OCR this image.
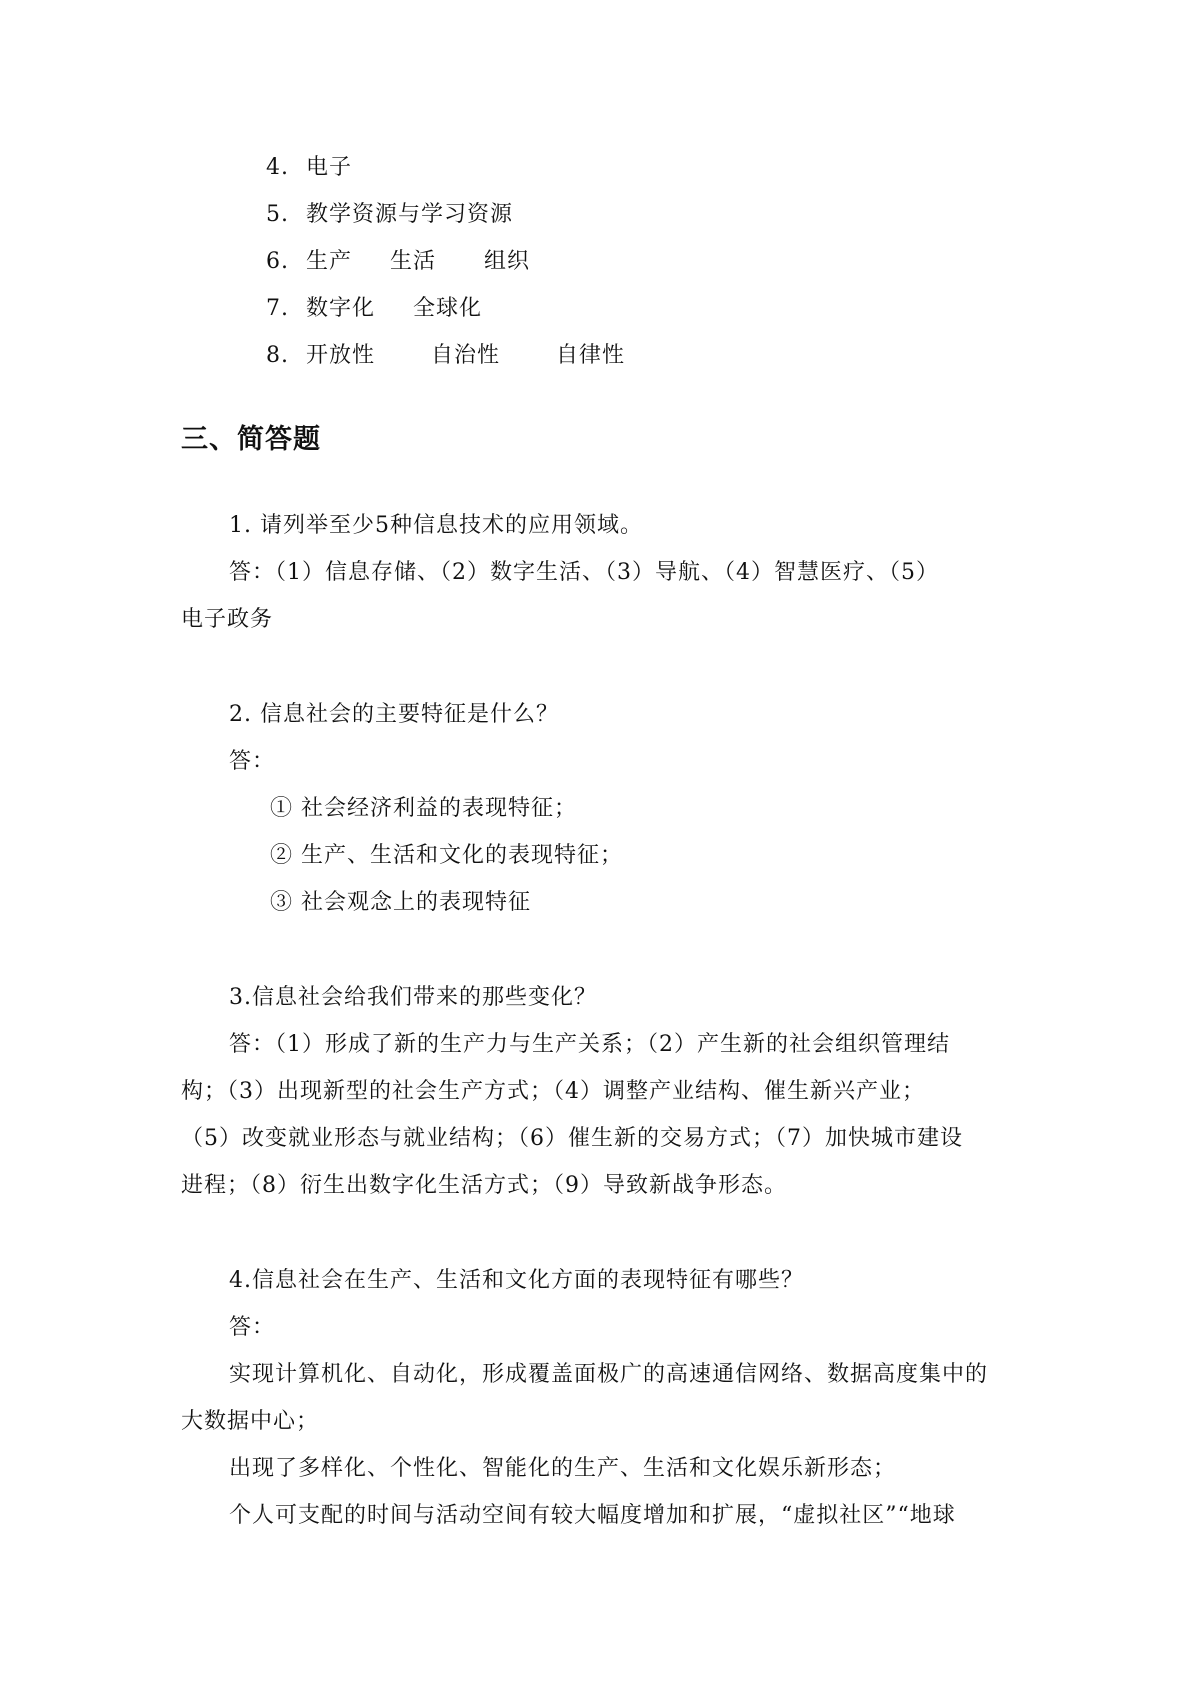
4. 电子
5. 教学资源与学习资源
6. 生产 生活 组织
7. 数字化 全球化
8. 开放性	自治性	自律性
三、简答题
1. 请列举至少5种信息技术的应用领域。
答：（1）信息存储、（2）数字生活、（3）导航、（4）智慧医疗、（5）
电子政务
2. 信息社会的主要特征是什么？
答：
① 社会经济利益的表现特征；
② 生产、生活和文化的表现特征；
③ 社会观念上的表现特征
3.信息社会给我们带来的那些变化？
答：（1）形成了新的生产力与生产关系；（2）产生新的社会组织管理结
构；（3）出现新型的社会生产方式；（4）调整产业结构、催生新兴产业；
（5）改变就业形态与就业结构；（6）催生新的交易方式；（7）加快城市建设
进程；（8）衍生出数字化生活方式；（9）导致新战争形态。
4.信息社会在生产、生活和文化方面的表现特征有哪些？
答：
实现计算机化、自动化，形成覆盖面极广的高速通信网络、数据高度集中的
大数据中心；
出现了多样化、个性化、智能化的生产、生活和文化娱乐新形态；
个人可支配的时间与活动空间有较大幅度增加和扩展，“虚拟社区”“地球
